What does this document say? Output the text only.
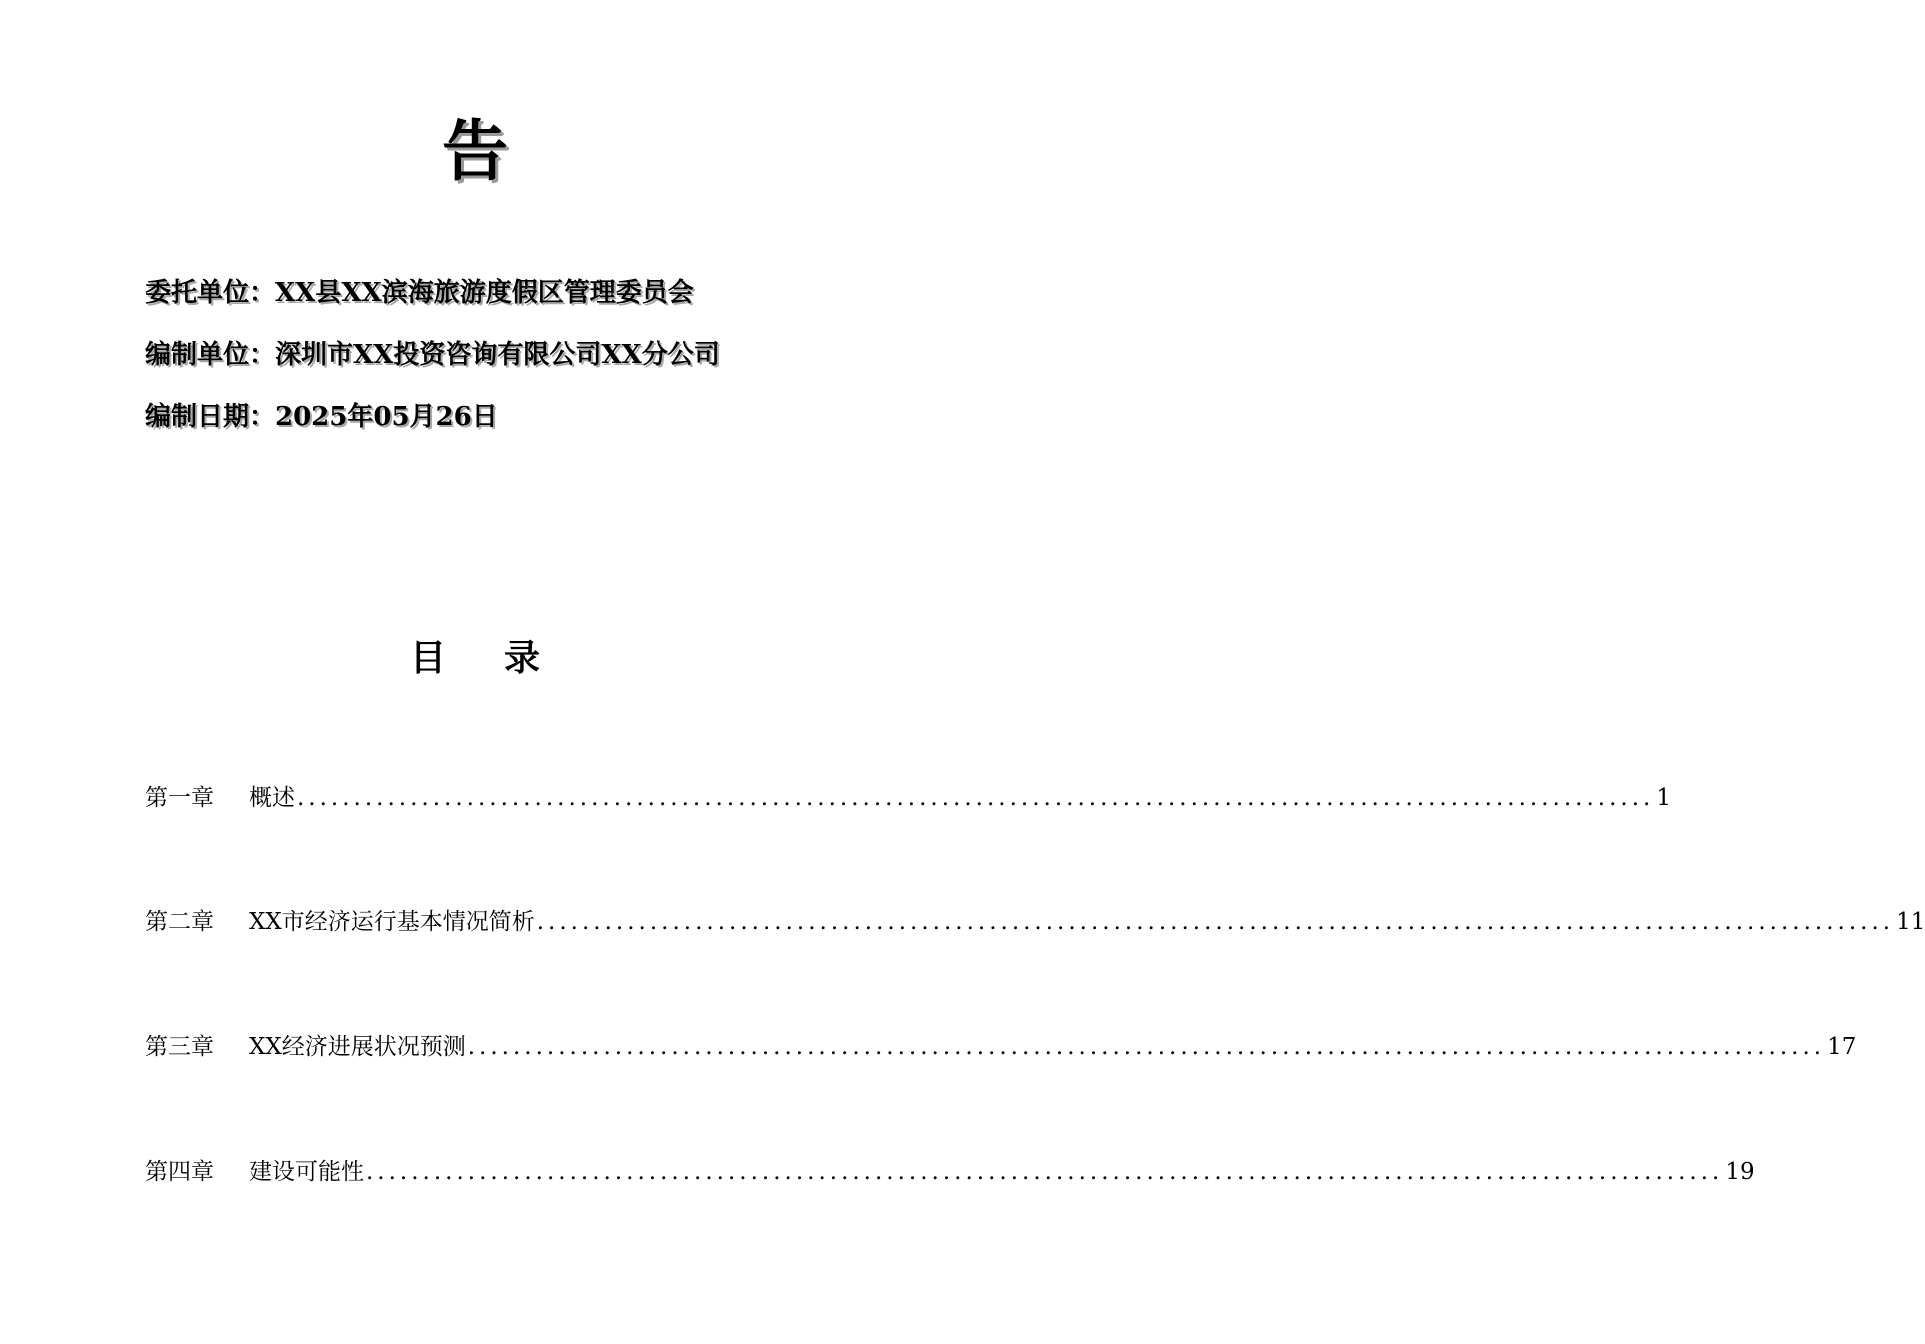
告
委托单位：XX县XX滨海旅游度假区管理委员会
编制单位：深圳市XX投资咨询有限公司XX分公司
编制日期：2025年05月26日
目 录
第一章	概述 ........................................................................................................................ 1
第二章	XX市经济运行基本情况简析 ........................................................................................................................ 11
第三章	XX经济进展状况预测 ........................................................................................................................ 17
第四章	建设可能性 ........................................................................................................................ 19
